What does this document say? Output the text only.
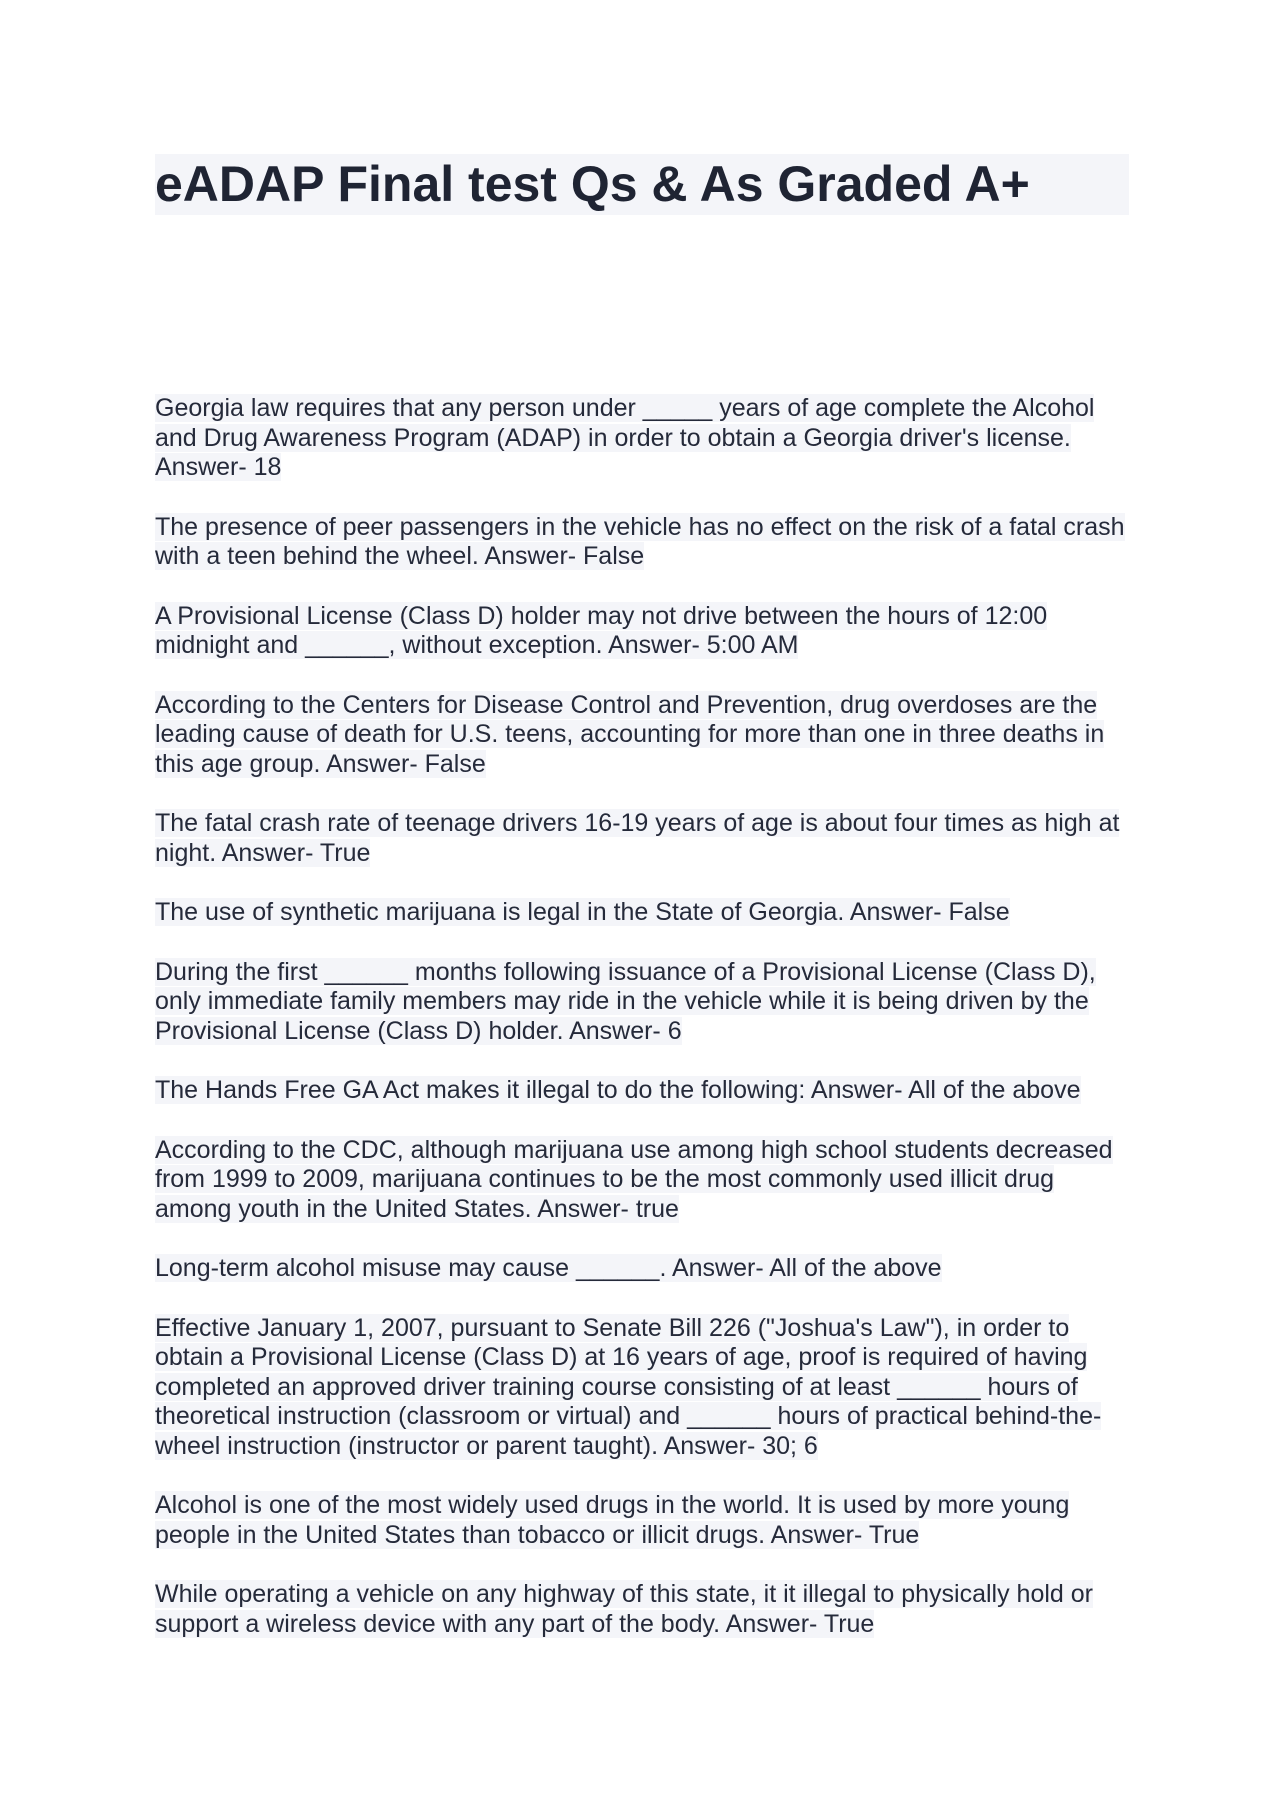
eADAP Final test Qs & As Graded A+

Georgia law requires that any person under _____ years of age complete the Alcohol and Drug Awareness Program (ADAP) in order to obtain a Georgia driver's license. Answer- 18

The presence of peer passengers in the vehicle has no effect on the risk of a fatal crash with a teen behind the wheel. Answer- False

A Provisional License (Class D) holder may not drive between the hours of 12:00 midnight and ______, without exception. Answer- 5:00 AM

According to the Centers for Disease Control and Prevention, drug overdoses are the leading cause of death for U.S. teens, accounting for more than one in three deaths in this age group. Answer- False

The fatal crash rate of teenage drivers 16-19 years of age is about four times as high at night. Answer- True

The use of synthetic marijuana is legal in the State of Georgia. Answer- False

During the first ______ months following issuance of a Provisional License (Class D), only immediate family members may ride in the vehicle while it is being driven by the Provisional License (Class D) holder. Answer- 6

The Hands Free GA Act makes it illegal to do the following: Answer- All of the above

According to the CDC, although marijuana use among high school students decreased from 1999 to 2009, marijuana continues to be the most commonly used illicit drug among youth in the United States. Answer- true

Long-term alcohol misuse may cause ______. Answer- All of the above

Effective January 1, 2007, pursuant to Senate Bill 226 ("Joshua's Law"), in order to obtain a Provisional License (Class D) at 16 years of age, proof is required of having completed an approved driver training course consisting of at least ______ hours of theoretical instruction (classroom or virtual) and ______ hours of practical behind-the-wheel instruction (instructor or parent taught). Answer- 30; 6

Alcohol is one of the most widely used drugs in the world. It is used by more young people in the United States than tobacco or illicit drugs. Answer- True

While operating a vehicle on any highway of this state, it it illegal to physically hold or support a wireless device with any part of the body. Answer- True
